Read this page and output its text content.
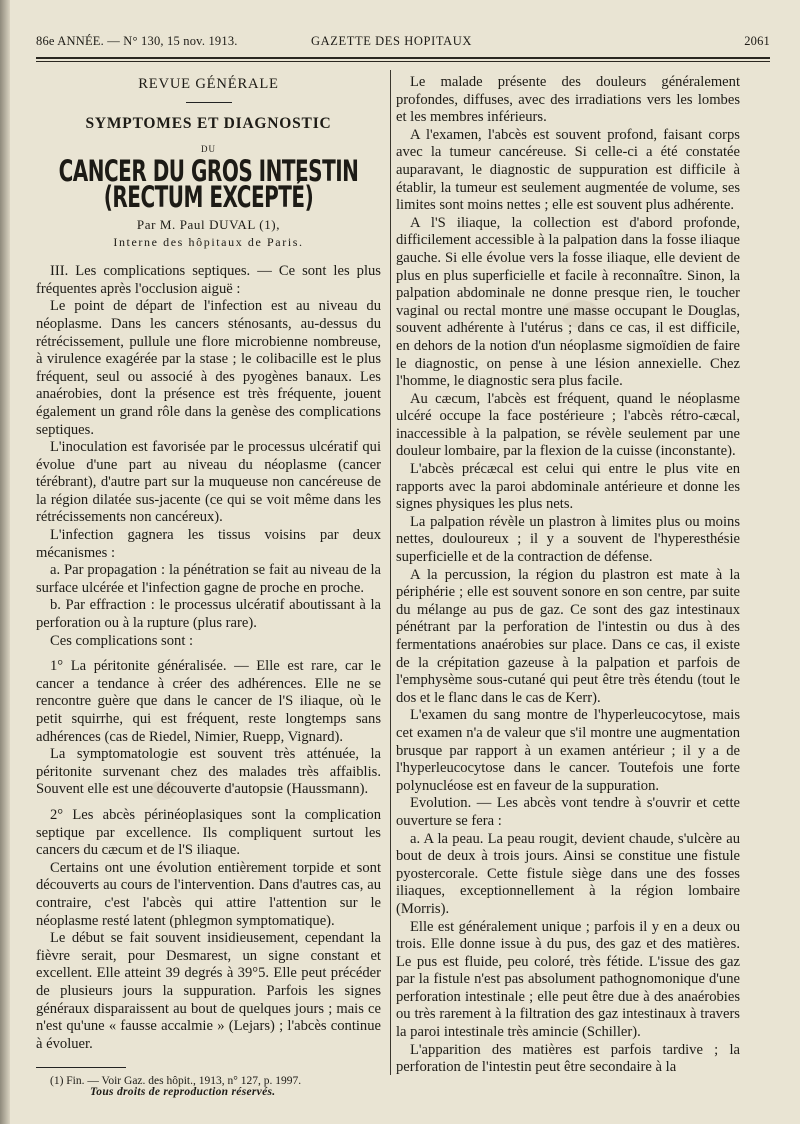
86e ANNÉE. — N° 130, 15 nov. 1913.	GAZETTE DES HOPITAUX	2061
REVUE GÉNÉRALE
SYMPTOMES ET DIAGNOSTIC
DU
CANCER DU GROS INTESTIN (RECTUM EXCEPTÉ)
Par M. Paul DUVAL (1),
Interne des hôpitaux de Paris.

III. Les complications septiques. — Ce sont les plus fréquentes après l'occlusion aiguë :

Le point de départ de l'infection est au niveau du néoplasme. Dans les cancers sténosants, au-dessus du rétrécissement, pullule une flore microbienne nombreuse, à virulence exagérée par la stase ; le colibacille est le plus fréquent, seul ou associé à des pyogènes banaux. Les anaérobies, dont la présence est très fréquente, jouent également un grand rôle dans la genèse des complications septiques.

L'inoculation est favorisée par le processus ulcératif qui évolue d'une part au niveau du néoplasme (cancer térébrant), d'autre part sur la muqueuse non cancéreuse de la région dilatée sus-jacente (ce qui se voit même dans les rétrécissements non cancéreux).

L'infection gagnera les tissus voisins par deux mécanismes :

a. Par propagation : la pénétration se fait au niveau de la surface ulcérée et l'infection gagne de proche en proche.

b. Par effraction : le processus ulcératif aboutissant à la perforation ou à la rupture (plus rare).

Ces complications sont :

1° La péritonite généralisée. — Elle est rare, car le cancer a tendance à créer des adhérences. Elle ne se rencontre guère que dans le cancer de l'S iliaque, où le petit squirrhe, qui est fréquent, reste longtemps sans adhérences (cas de Riedel, Nimier, Ruepp, Vignard).

La symptomatologie est souvent très atténuée, la péritonite survenant chez des malades très affaiblis. Souvent elle est une découverte d'autopsie (Haussmann).

2° Les abcès périnéoplasiques sont la complication septique par excellence. Ils compliquent surtout les cancers du cæcum et de l'S iliaque.

Certains ont une évolution entièrement torpide et sont découverts au cours de l'intervention. Dans d'autres cas, au contraire, c'est l'abcès qui attire l'attention sur le néoplasme resté latent (phlegmon symptomatique).

Le début se fait souvent insidieusement, cependant la fièvre serait, pour Desmarest, un signe constant et excellent. Elle atteint 39 degrés à 39°5. Elle peut précéder de plusieurs jours la suppuration. Parfois les signes généraux disparaissent au bout de quelques jours ; mais ce n'est qu'une « fausse accalmie » (Lejars) ; l'abcès continue à évoluer.

(1) Fin. — Voir Gaz. des hôpit., 1913, n° 127, p. 1997.

Le malade présente des douleurs généralement profondes, diffuses, avec des irradiations vers les lombes et les membres inférieurs.

A l'examen, l'abcès est souvent profond, faisant corps avec la tumeur cancéreuse. Si celle-ci a été constatée auparavant, le diagnostic de suppuration est difficile à établir, la tumeur est seulement augmentée de volume, ses limites sont moins nettes ; elle est souvent plus adhérente.

A l'S iliaque, la collection est d'abord profonde, difficilement accessible à la palpation dans la fosse iliaque gauche. Si elle évolue vers la fosse iliaque, elle devient de plus en plus superficielle et facile à reconnaître. Sinon, la palpation abdominale ne donne presque rien, le toucher vaginal ou rectal montre une masse occupant le Douglas, souvent adhérente à l'utérus ; dans ce cas, il est difficile, en dehors de la notion d'un néoplasme sigmoïdien de faire le diagnostic, on pense à une lésion annexielle. Chez l'homme, le diagnostic sera plus facile.

Au cæcum, l'abcès est fréquent, quand le néoplasme ulcéré occupe la face postérieure ; l'abcès rétro-cæcal, inaccessible à la palpation, se révèle seulement par une douleur lombaire, par la flexion de la cuisse (inconstante).

L'abcès précæcal est celui qui entre le plus vite en rapports avec la paroi abdominale antérieure et donne les signes physiques les plus nets.

La palpation révèle un plastron à limites plus ou moins nettes, douloureux ; il y a souvent de l'hyperesthésie superficielle et de la contraction de défense.

A la percussion, la région du plastron est mate à la périphérie ; elle est souvent sonore en son centre, par suite du mélange au pus de gaz. Ce sont des gaz intestinaux pénétrant par la perforation de l'intestin ou dus à des fermentations anaérobies sur place. Dans ce cas, il existe de la crépitation gazeuse à la palpation et parfois de l'emphysème sous-cutané qui peut être très étendu (tout le dos et le flanc dans le cas de Kerr).

L'examen du sang montre de l'hyperleucocytose, mais cet examen n'a de valeur que s'il montre une augmentation brusque par rapport à un examen antérieur ; il y a de l'hyperleucocytose dans le cancer. Toutefois une forte polynucléose est en faveur de la suppuration.

Evolution. — Les abcès vont tendre à s'ouvrir et cette ouverture se fera :

a. A la peau. La peau rougit, devient chaude, s'ulcère au bout de deux à trois jours. Ainsi se constitue une fistule pyostercorale. Cette fistule siège dans une des fosses iliaques, exceptionnellement à la région lombaire (Morris).

Elle est généralement unique ; parfois il y en a deux ou trois. Elle donne issue à du pus, des gaz et des matières. Le pus est fluide, peu coloré, très fétide. L'issue des gaz par la fistule n'est pas absolument pathognomonique d'une perforation intestinale ; elle peut être due à des anaérobies ou très rarement à la filtration des gaz intestinaux à travers la paroi intestinale très amincie (Schiller).

L'apparition des matières est parfois tardive ; la perforation de l'intestin peut être secondaire à la

Tous droits de reproduction réservés.
